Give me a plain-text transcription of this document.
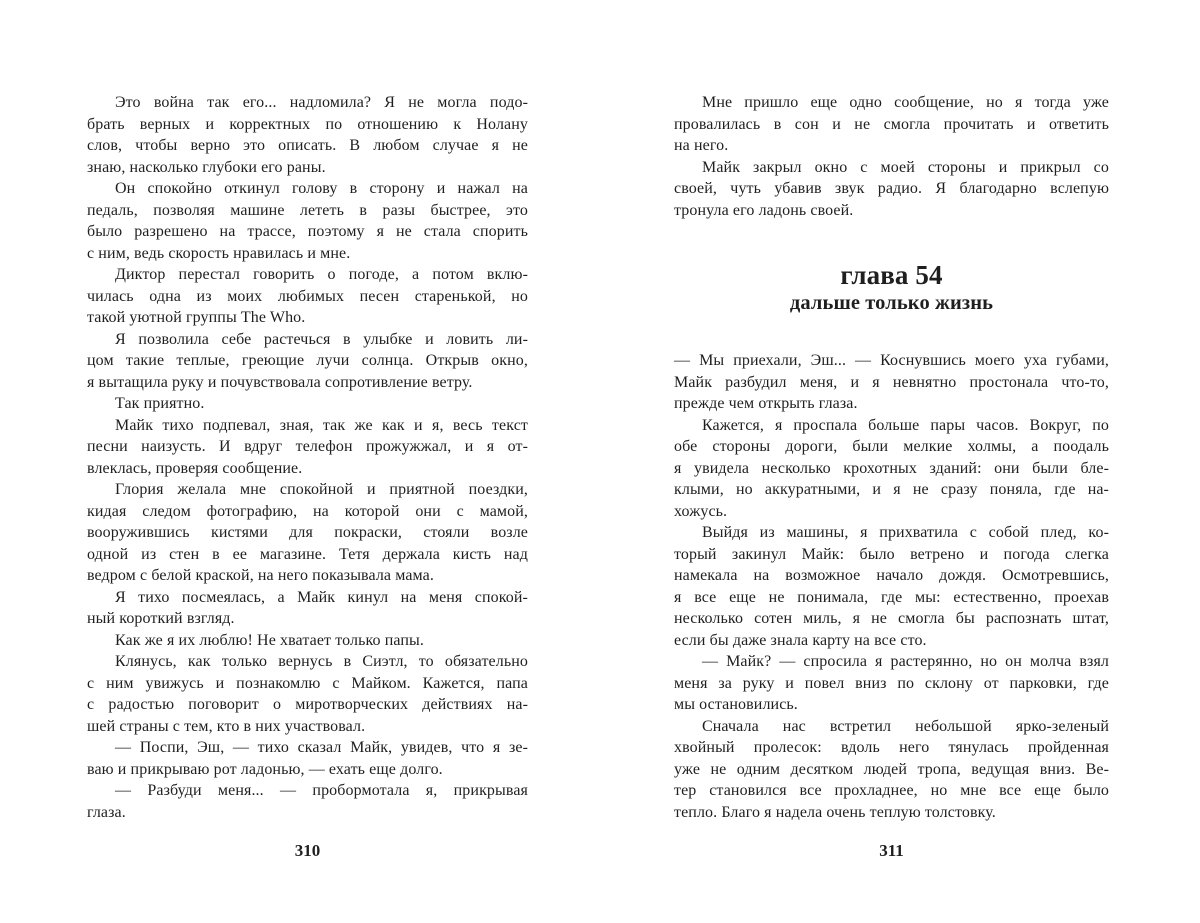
Это война так его... надломила? Я не могла подо-
брать верных и корректных по отношению к Нолану
слов, чтобы верно это описать. В любом случае я не
знаю, насколько глубоки его раны.
Он спокойно откинул голову в сторону и нажал на
педаль, позволяя машине лететь в разы быстрее, это
было разрешено на трассе, поэтому я не стала спорить
с ним, ведь скорость нравилась и мне.
Диктор перестал говорить о погоде, а потом вклю-
чилась одна из моих любимых песен старенькой, но
такой уютной группы The Who.
Я позволила себе растечься в улыбке и ловить ли-
цом такие теплые, греющие лучи солнца. Открыв окно,
я вытащила руку и почувствовала сопротивление ветру.
Так приятно.
Майк тихо подпевал, зная, так же как и я, весь текст
песни наизусть. И вдруг телефон прожужжал, и я от-
влеклась, проверяя сообщение.
Глория желала мне спокойной и приятной поездки,
кидая следом фотографию, на которой они с мамой,
вооружившись кистями для покраски, стояли возле
одной из стен в ее магазине. Тетя держала кисть над
ведром с белой краской, на него показывала мама.
Я тихо посмеялась, а Майк кинул на меня спокой-
ный короткий взгляд.
Как же я их люблю! Не хватает только папы.
Клянусь, как только вернусь в Сиэтл, то обязательно
с ним увижусь и познакомлю с Майком. Кажется, папа
с радостью поговорит о миротворческих действиях на-
шей страны с тем, кто в них участвовал.
— Поспи, Эш, — тихо сказал Майк, увидев, что я зе-
ваю и прикрываю рот ладонью, — ехать еще долго.
— Разбуди меня... — пробормотала я, прикрывая
глаза.
310
Мне пришло еще одно сообщение, но я тогда уже
провалилась в сон и не смогла прочитать и ответить
на него.
Майк закрыл окно с моей стороны и прикрыл со
своей, чуть убавив звук радио. Я благодарно вслепую
тронула его ладонь своей.
глава 54
дальше только жизнь
— Мы приехали, Эш... — Коснувшись моего уха губами,
Майк разбудил меня, и я невнятно простонала что-то,
прежде чем открыть глаза.
Кажется, я проспала больше пары часов. Вокруг, по
обе стороны дороги, были мелкие холмы, а поодаль
я увидела несколько крохотных зданий: они были бле-
клыми, но аккуратными, и я не сразу поняла, где на-
хожусь.
Выйдя из машины, я прихватила с собой плед, ко-
торый закинул Майк: было ветрено и погода слегка
намекала на возможное начало дождя. Осмотревшись,
я все еще не понимала, где мы: естественно, проехав
несколько сотен миль, я не смогла бы распознать штат,
если бы даже знала карту на все сто.
— Майк? — спросила я растерянно, но он молча взял
меня за руку и повел вниз по склону от парковки, где
мы остановились.
Сначала нас встретил небольшой ярко-зеленый
хвойный пролесок: вдоль него тянулась пройденная
уже не одним десятком людей тропа, ведущая вниз. Ве-
тер становился все прохладнее, но мне все еще было
тепло. Благо я надела очень теплую толстовку.
311
